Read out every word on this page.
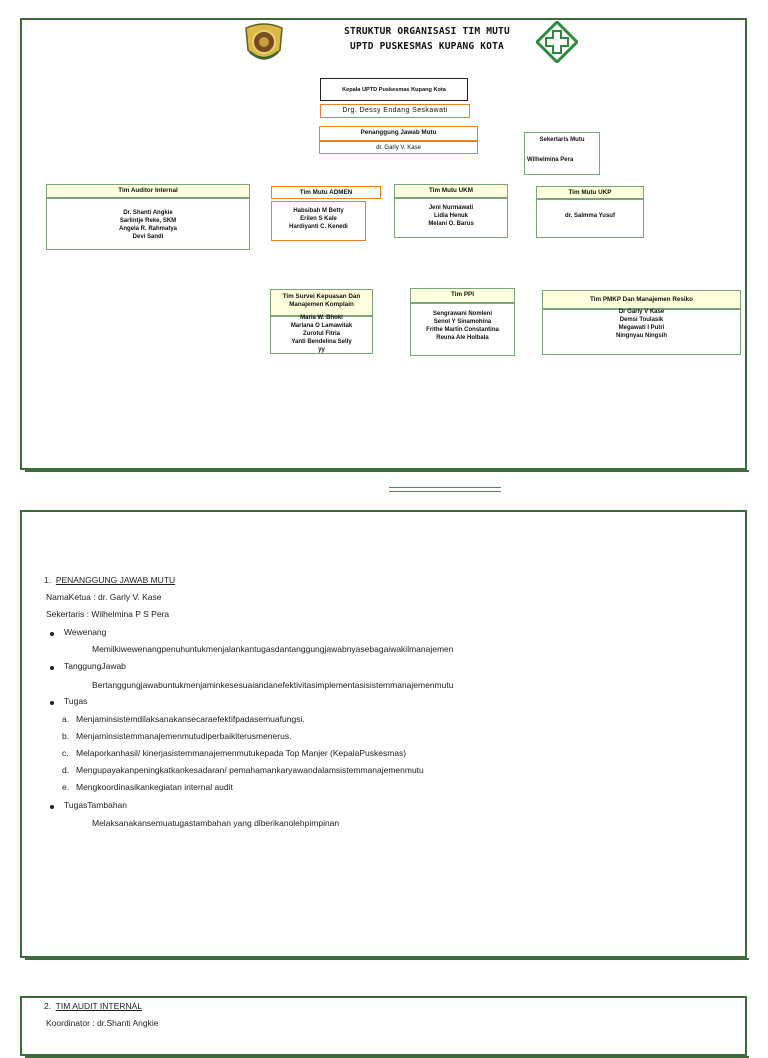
STRUKTUR ORGANISASI TIM MUTU
UPTD PUSKESMAS KUPANG KOTA
Kepala UPTD Puskesmas Kupang Kota
Drg. Dessy Endang Seskawati
Penanggung Jawab Mutu
dr. Garly V. Kase
Sekertaris Mutu
Wilhelmina Pera
Tim Auditor Internal
Dr. Shanti Angkie
Sarlintje Reke, SKM
Angela R. Rahmatya
Devi Sandi
Tim Mutu ADMEN
Habsibah M Betty
Erilen S Kale
Hardiyanti C. Kenedi
Tim Mutu UKM
Jeni Nurmawati
Lidia Henuk
Melani O. Barus
Tim Mutu UKP
dr. Salmma Yusuf
Tim Survei Kepuasan Dan Manajemen Komplain
Maria W. Bhoki
Marlana O Lamawitak
Zurotul Fitria
Yanti Bendelina Selly
yy
Tim PPI
Sengrawani Nomleni
Senol Y Sinamohina
Frithe Martin Constantina
Reuna Ale Holbala
Tim PMKP Dan Manajemen Resiko
Dr Garly V Kase
Demsi Toulasik
Megawati I Putri
Ningnyau Ningsih
1. PENANGGUNG JAWAB MUTU
NamaKetua : dr. Garly V. Kase
Sekertaris : Wilhelmina P S Pera
Wewenang
Memilkiwewenangpenuhuntukmenjalankantugasdantanggungjawabnyasebagaiwakilmanajemen
TanggungJawab
Bertanggungjawabuntukmenjaminkesesuaiandanefektivitasimplementasisistemmanajemenmutu
Tugas
a. Menjaminsistemdilaksanakansecaraefektifpadasemuafungsi.
b. Menjaminsistemmanajemenmutudiperbaikiterusmenerus.
c. Melaporkanhasil/ kinerjasistemmanajemenmutukepada Top Manjer (KepalaPuskesmas)
d. Mengupayakanpeningkatkankesadaran/ pemahamankaryawandalamsistemmanajemenmutu
e. Mengkoordinasikankegiatan internal audit
TugasTambahan
Melaksanakansemuatugastambahan yang diberikanolehpimpinan
2. TIM AUDIT INTERNAL
Koordinator : dr.Shanti Angkie
